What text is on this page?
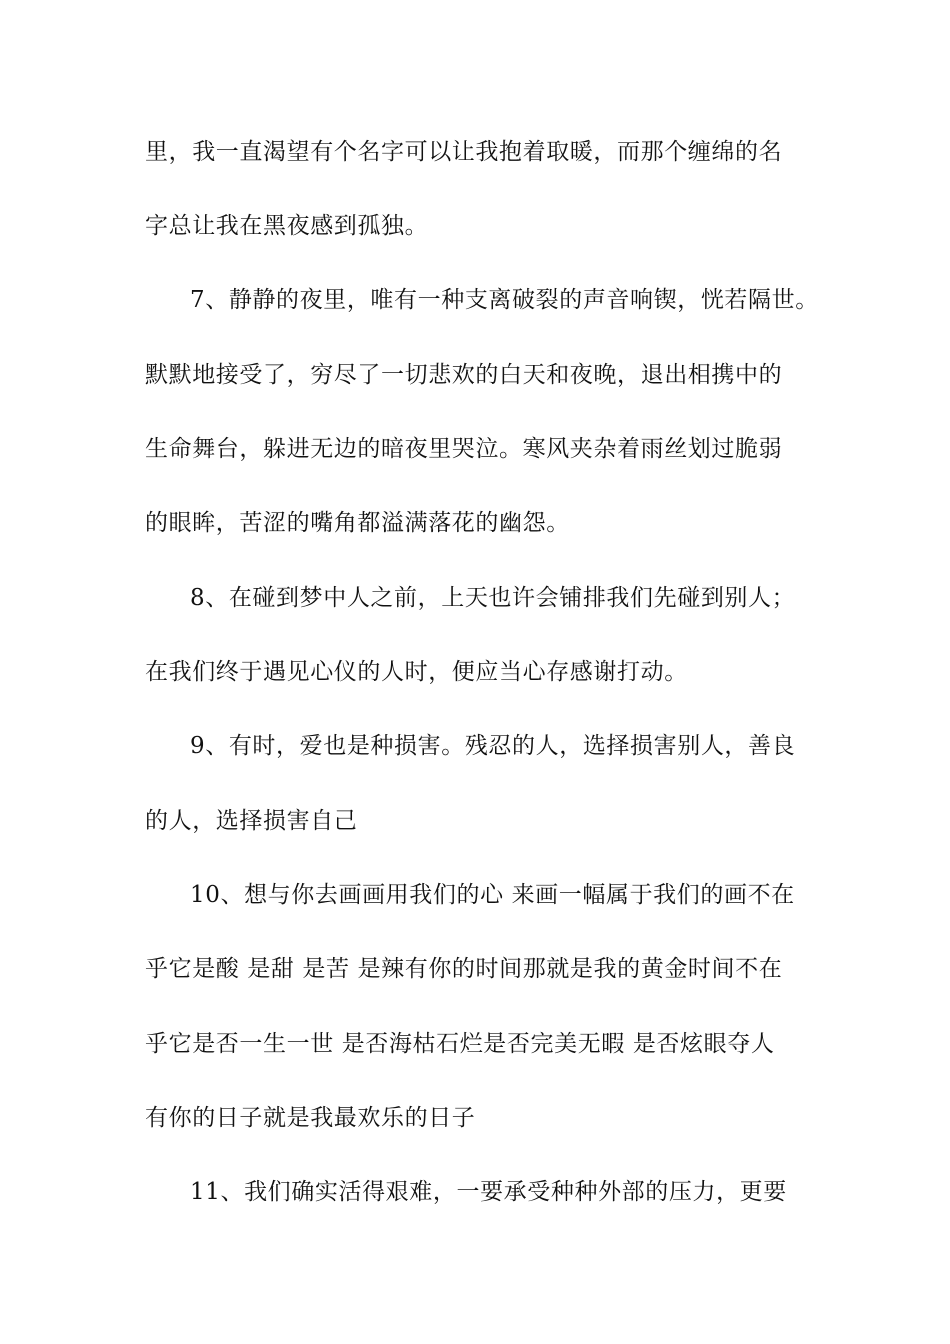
里，我一直渴望有个名字可以让我抱着取暖，而那个缠绵的名

字总让我在黑夜感到孤独。

7、静静的夜里，唯有一种支离破裂的声音响锲，恍若隔世。

默默地接受了，穷尽了一切悲欢的白天和夜晚，退出相携中的

生命舞台，躲进无边的暗夜里哭泣。寒风夹杂着雨丝划过脆弱

的眼眸，苦涩的嘴角都溢满落花的幽怨。

8、在碰到梦中人之前，上天也许会铺排我们先碰到别人；

在我们终于遇见心仪的人时，便应当心存感谢打动。

9、有时，爱也是种损害。残忍的人，选择损害别人，善良

的人，选择损害自己

10、想与你去画画用我们的心 来画一幅属于我们的画不在

乎它是酸 是甜 是苦 是辣有你的时间那就是我的黄金时间不在

乎它是否一生一世 是否海枯石烂是否完美无暇 是否炫眼夺人

有你的日子就是我最欢乐的日子

11、我们确实活得艰难，一要承受种种外部的压力，更要
